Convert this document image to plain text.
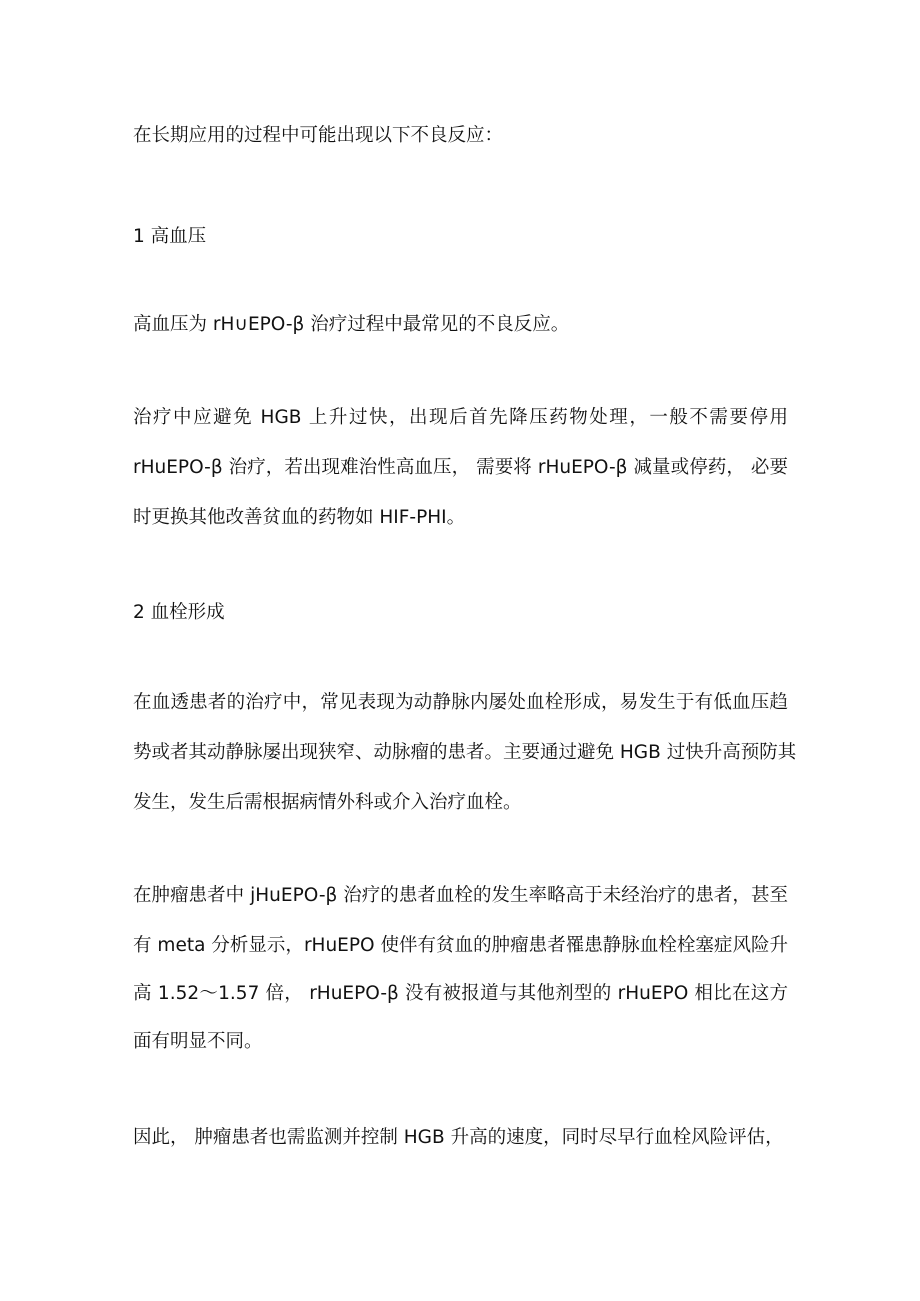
在长期应用的过程中可能出现以下不良反应：

1 高血压

高血压为 rH∪EPO-β 治疗过程中最常见的不良反应。

治疗中应避免 HGB 上升过快，出现后首先降压药物处理，一般不需要停用

rHuEPO-β 治疗，若出现难治性高血压， 需要将 rHuEPO-β 减量或停药， 必要

时更换其他改善贫血的药物如 HIF-PHI。

2 血栓形成

在血透患者的治疗中，常见表现为动静脉内屡处血栓形成，易发生于有低血压趋

势或者其动静脉屡出现狭窄、动脉瘤的患者。主要通过避免 HGB 过快升高预防其

发生，发生后需根据病情外科或介入治疗血栓。

在肿瘤患者中 jHuEPO-β 治疗的患者血栓的发生率略高于未经治疗的患者，甚至

有 meta 分析显示，rHuEPO 使伴有贫血的肿瘤患者罹患静脉血栓栓塞症风险升

高 1.52～1.57 倍， rHuEPO-β 没有被报道与其他剂型的 rHuEPO 相比在这方

面有明显不同。

因此， 肿瘤患者也需监测并控制 HGB 升高的速度，同时尽早行血栓风险评估，
